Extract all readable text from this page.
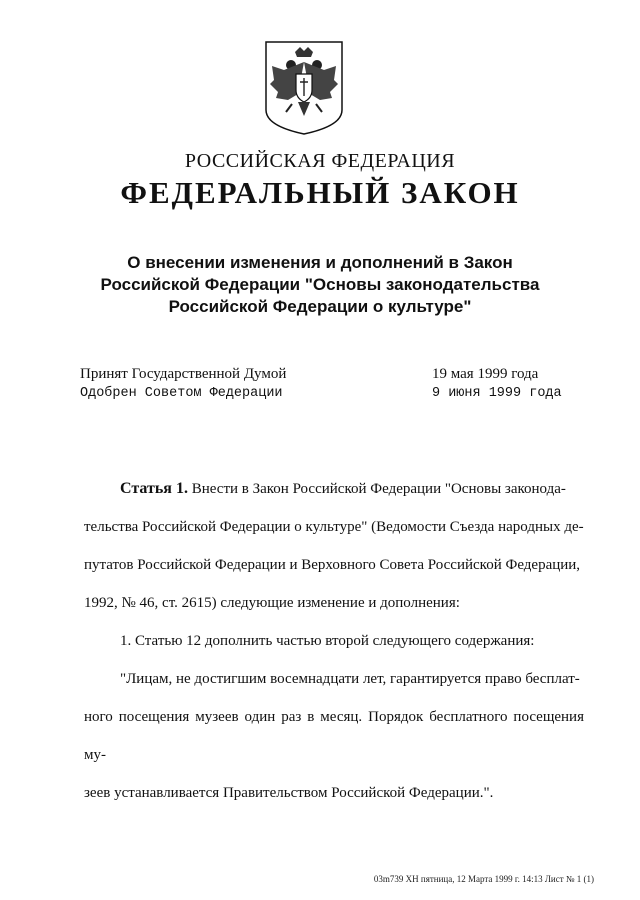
РОССИЙСКАЯ ФЕДЕРАЦИЯ
ФЕДЕРАЛЬНЫЙ ЗАКОН
О внесении изменения и дополнений в Закон
Российской Федерации "Основы законодательства
Российской Федерации о культуре"
Принят Государственной Думой
Одобрен Советом Федерации
19 мая 1999 года
9 июня 1999 года

Статья 1. Внести в Закон Российской Федерации "Основы законода-
тельства Российской Федерации о культуре" (Ведомости Съезда народных де-
путатов Российской Федерации и Верховного Совета Российской Федерации,
1992, № 46, ст. 2615) следующие изменение и дополнения:

1. Статью 12 дополнить частью второй следующего содержания:

"Лицам, не достигшим восемнадцати лет, гарантируется право бесплат-
ного посещения музеев один раз в месяц. Порядок бесплатного посещения му-
зеев устанавливается Правительством Российской Федерации.".

03m739 XH пятница, 12 Марта 1999 г. 14:13 Лист № 1 (1)
